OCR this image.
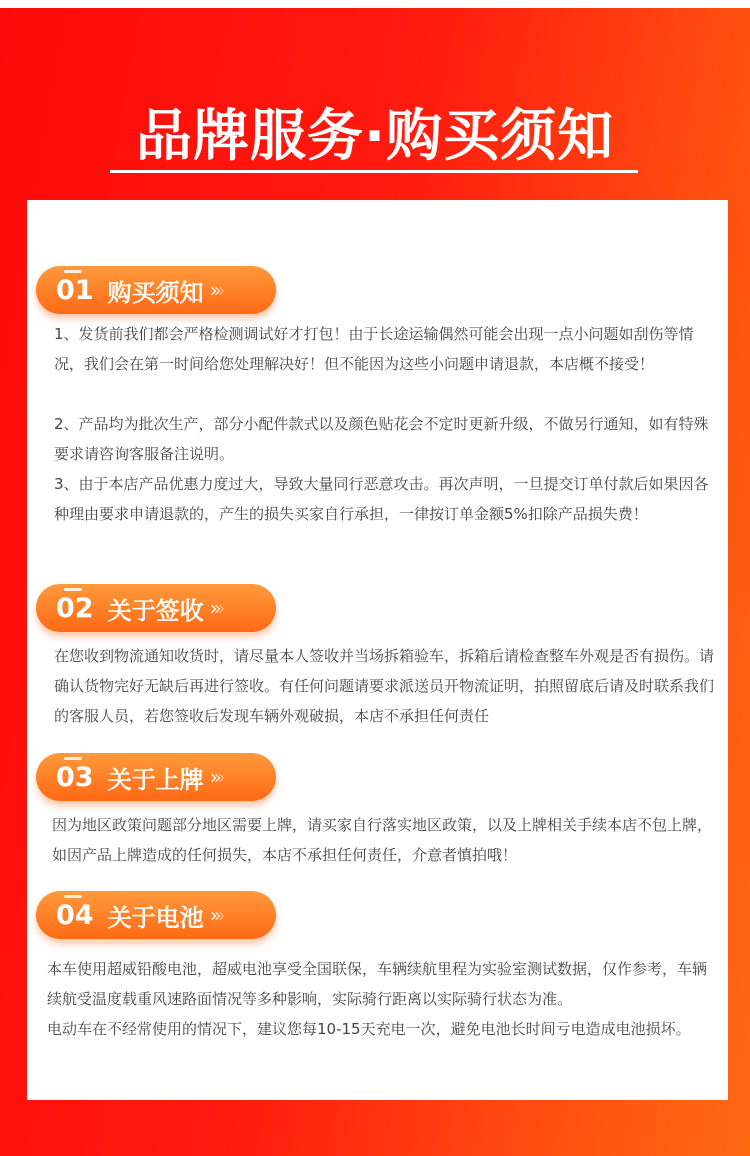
品牌服务·购买须知
01 购买须知 ›››

1、发货前我们都会严格检测调试好才打包！由于长途运输偶然可能会出现一点小问题如刮伤等情况，我们会在第一时间给您处理解决好！但不能因为这些小问题申请退款，本店概不接受！

2、产品均为批次生产，部分小配件款式以及颜色贴花会不定时更新升级，不做另行通知，如有特殊要求请咨询客服备注说明。

3、由于本店产品优惠力度过大，导致大量同行恶意攻击。再次声明，一旦提交订单付款后如果因各种理由要求申请退款的，产生的损失买家自行承担，一律按订单金额5%扣除产品损失费！

02 关于签收 ›››

在您收到物流通知收货时，请尽量本人签收并当场拆箱验车，拆箱后请检查整车外观是否有损伤。请确认货物完好无缺后再进行签收。有任何问题请要求派送员开物流证明，拍照留底后请及时联系我们的客服人员，若您签收后发现车辆外观破损，本店不承担任何责任

03 关于上牌 ›››

因为地区政策问题部分地区需要上牌，请买家自行落实地区政策，以及上牌相关手续本店不包上牌，如因产品上牌造成的任何损失，本店不承担任何责任，介意者慎拍哦！

04 关于电池 ›››

本车使用超威铅酸电池，超威电池享受全国联保，车辆续航里程为实验室测试数据，仅作参考，车辆续航受温度载重风速路面情况等多种影响，实际骑行距离以实际骑行状态为准。

电动车在不经常使用的情况下，建议您每10-15天充电一次，避免电池长时间亏电造成电池损坏。
